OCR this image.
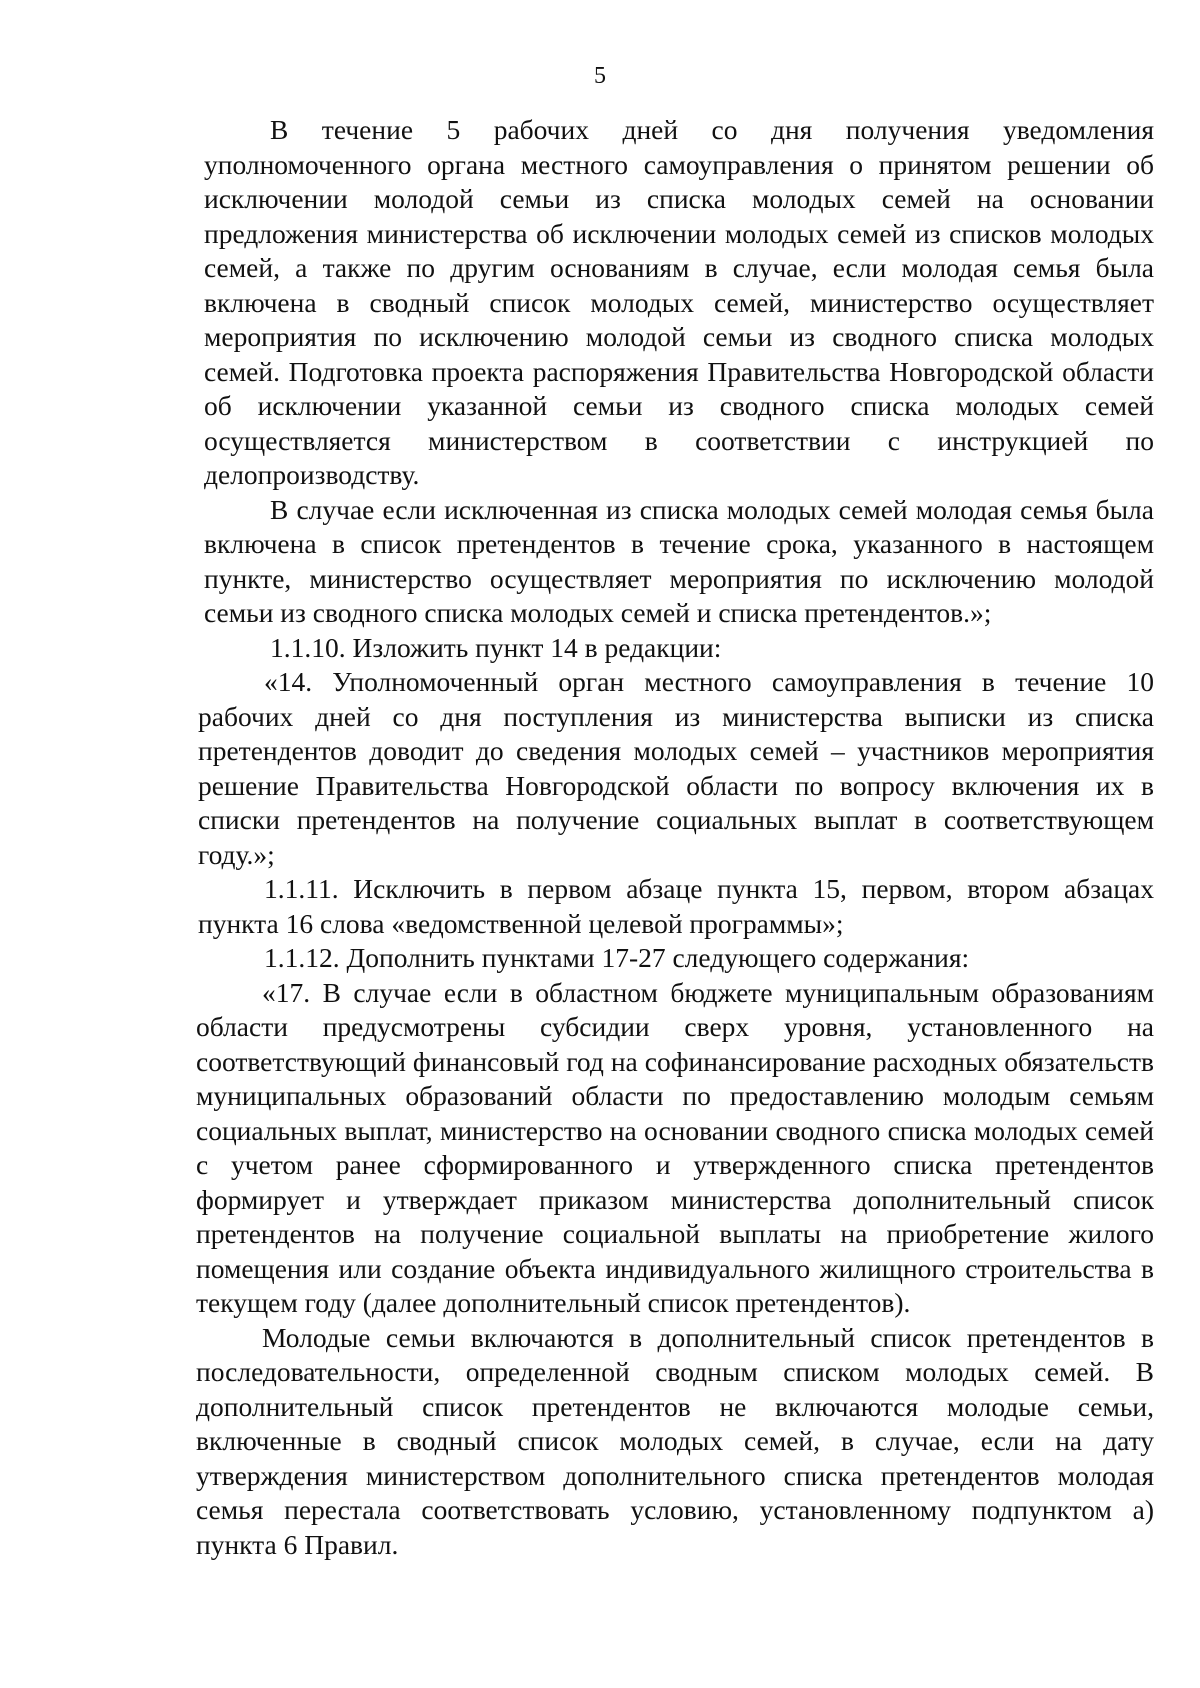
5

В течение 5 рабочих дней со дня получения уведомления уполномоченного органа местного самоуправления о принятом решении об исключении молодой семьи из списка молодых семей на основании предложения министерства об исключении молодых семей из списков молодых семей, а также по другим основаниям в случае, если молодая семья была включена в сводный список молодых семей, министерство осуществляет мероприятия по исключению молодой семьи из сводного списка молодых семей. Подготовка проекта распоряжения Правительства Новгородской области об исключении указанной семьи из сводного списка молодых семей осуществляется министерством в соответствии с инструкцией по делопроизводству.

В случае если исключенная из списка молодых семей молодая семья была включена в список претендентов в течение срока, указанного в настоящем пункте, министерство осуществляет мероприятия по исключению молодой семьи из сводного списка молодых семей и списка претендентов.»;

1.1.10. Изложить пункт 14 в редакции:

«14. Уполномоченный орган местного самоуправления в течение 10 рабочих дней со дня поступления из министерства выписки из списка претендентов доводит до сведения молодых семей – участников мероприятия решение Правительства Новгородской области по вопросу включения их в списки претендентов на получение социальных выплат в соответствующем году.»;

1.1.11. Исключить в первом абзаце пункта 15, первом, втором абзацах пункта 16 слова «ведомственной целевой программы»;

1.1.12. Дополнить пунктами 17-27 следующего содержания:

«17. В случае если в областном бюджете муниципальным образованиям области предусмотрены субсидии сверх уровня, установленного на соответствующий финансовый год на софинансирование расходных обязательств муниципальных образований области по предоставлению молодым семьям социальных выплат, министерство на основании сводного списка молодых семей с учетом ранее сформированного и утвержденного списка претендентов формирует и утверждает приказом министерства дополнительный список претендентов на получение социальной выплаты на приобретение жилого помещения или создание объекта индивидуального жилищного строительства в текущем году (далее дополнительный список претендентов).

Молодые семьи включаются в дополнительный список претендентов в последовательности, определенной сводным списком молодых семей. В дополнительный список претендентов не включаются молодые семьи, включенные в сводный список молодых семей, в случае, если на дату утверждения министерством дополнительного списка претендентов молодая семья перестала соответствовать условию, установленному подпунктом а) пункта 6 Правил.
